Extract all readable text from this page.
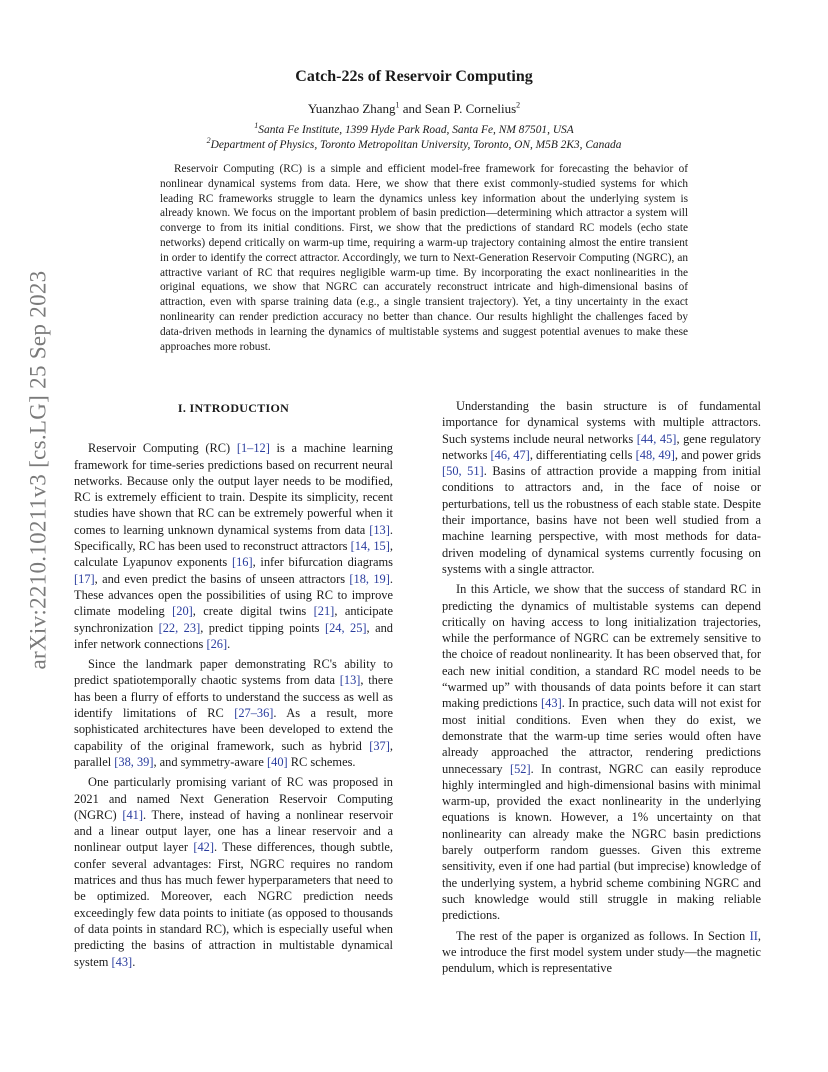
arXiv:2210.10211v3 [cs.LG] 25 Sep 2023
Catch-22s of Reservoir Computing
Yuanzhao Zhang$^1$ and Sean P. Cornelius$^2$
$^1$Santa Fe Institute, 1399 Hyde Park Road, Santa Fe, NM 87501, USA
$^2$Department of Physics, Toronto Metropolitan University, Toronto, ON, M5B 2K3, Canada
Reservoir Computing (RC) is a simple and efficient model-free framework for forecasting the behavior of nonlinear dynamical systems from data. Here, we show that there exist commonly-studied systems for which leading RC frameworks struggle to learn the dynamics unless key information about the underlying system is already known. We focus on the important problem of basin prediction—determining which attractor a system will converge to from its initial conditions. First, we show that the predictions of standard RC models (echo state networks) depend critically on warm-up time, requiring a warm-up trajectory containing almost the entire transient in order to identify the correct attractor. Accordingly, we turn to Next-Generation Reservoir Computing (NGRC), an attractive variant of RC that requires negligible warm-up time. By incorporating the exact nonlinearities in the original equations, we show that NGRC can accurately reconstruct intricate and high-dimensional basins of attraction, even with sparse training data (e.g., a single transient trajectory). Yet, a tiny uncertainty in the exact nonlinearity can render prediction accuracy no better than chance. Our results highlight the challenges faced by data-driven methods in learning the dynamics of multistable systems and suggest potential avenues to make these approaches more robust.
I. INTRODUCTION

Reservoir Computing (RC) [1–12] is a machine learning framework for time-series predictions based on recurrent neural networks. Because only the output layer needs to be modified, RC is extremely efficient to train. Despite its simplicity, recent studies have shown that RC can be extremely powerful when it comes to learning unknown dynamical systems from data [13]. Specifically, RC has been used to reconstruct attractors [14, 15], calculate Lyapunov exponents [16], infer bifurcation diagrams [17], and even predict the basins of unseen attractors [18, 19]. These advances open the possibilities of using RC to improve climate modeling [20], create digital twins [21], anticipate synchronization [22, 23], predict tipping points [24, 25], and infer network connections [26].

Since the landmark paper demonstrating RC's ability to predict spatiotemporally chaotic systems from data [13], there has been a flurry of efforts to understand the success as well as identify limitations of RC [27–36]. As a result, more sophisticated architectures have been developed to extend the capability of the original framework, such as hybrid [37], parallel [38, 39], and symmetry-aware [40] RC schemes.

One particularly promising variant of RC was proposed in 2021 and named Next Generation Reservoir Computing (NGRC) [41]. There, instead of having a nonlinear reservoir and a linear output layer, one has a linear reservoir and a nonlinear output layer [42]. These differences, though subtle, confer several advantages: First, NGRC requires no random matrices and thus has much fewer hyperparameters that need to be optimized. Moreover, each NGRC prediction needs exceedingly few data points to initiate (as opposed to thousands of data points in standard RC), which is especially useful when predicting the basins of attraction in multistable dynamical system [43].

Understanding the basin structure is of fundamental importance for dynamical systems with multiple attractors. Such systems include neural networks [44, 45], gene regulatory networks [46, 47], differentiating cells [48, 49], and power grids [50, 51]. Basins of attraction provide a mapping from initial conditions to attractors and, in the face of noise or perturbations, tell us the robustness of each stable state. Despite their importance, basins have not been well studied from a machine learning perspective, with most methods for data-driven modeling of dynamical systems currently focusing on systems with a single attractor.

In this Article, we show that the success of standard RC in predicting the dynamics of multistable systems can depend critically on having access to long initialization trajectories, while the performance of NGRC can be extremely sensitive to the choice of readout nonlinearity. It has been observed that, for each new initial condition, a standard RC model needs to be “warmed up” with thousands of data points before it can start making predictions [43]. In practice, such data will not exist for most initial conditions. Even when they do exist, we demonstrate that the warm-up time series would often have already approached the attractor, rendering predictions unnecessary [52]. In contrast, NGRC can easily reproduce highly intermingled and high-dimensional basins with minimal warm-up, provided the exact nonlinearity in the underlying equations is known. However, a 1% uncertainty on that nonlinearity can already make the NGRC basin predictions barely outperform random guesses. Given this extreme sensitivity, even if one had partial (but imprecise) knowledge of the underlying system, a hybrid scheme combining NGRC and such knowledge would still struggle in making reliable predictions.

The rest of the paper is organized as follows. In Section II, we introduce the first model system under study—the magnetic pendulum, which is representative
